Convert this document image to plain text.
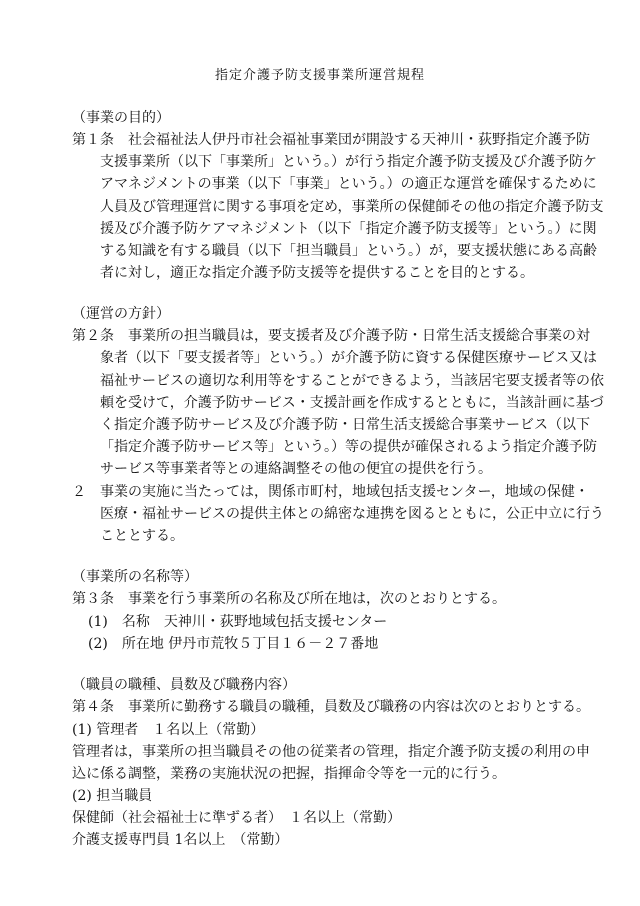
指定介護予防支援事業所運営規程
（事業の目的）
第１条　社会福祉法人伊丹市社会福祉事業団が開設する天神川・荻野指定介護予防
支援事業所（以下「事業所」という。）が行う指定介護予防支援及び介護予防ケ
アマネジメントの事業（以下「事業」という。）の適正な運営を確保するために
人員及び管理運営に関する事項を定め，事業所の保健師その他の指定介護予防支
援及び介護予防ケアマネジメント（以下「指定介護予防支援等」という。）に関
する知識を有する職員（以下「担当職員」という。）が，要支援状態にある高齢
者に対し，適正な指定介護予防支援等を提供することを目的とする。
（運営の方針）
第２条　事業所の担当職員は，要支援者及び介護予防・日常生活支援総合事業の対
象者（以下「要支援者等」という。）が介護予防に資する保健医療サービス又は
福祉サービスの適切な利用等をすることができるよう，当該居宅要支援者等の依
頼を受けて，介護予防サービス・支援計画を作成するとともに，当該計画に基づ
く指定介護予防サービス及び介護予防・日常生活支援総合事業サービス（以下
「指定介護予防サービス等」という。）等の提供が確保されるよう指定介護予防
サービス等事業者等との連絡調整その他の便宜の提供を行う。
２　事業の実施に当たっては，関係市町村，地域包括支援センター，地域の保健・
医療・福祉サービスの提供主体との綿密な連携を図るとともに，公正中立に行う
こととする。
（事業所の名称等）
第３条　事業を行う事業所の名称及び所在地は，次のとおりとする。
(1)　名称　天神川・荻野地域包括支援センター
(2)　所在地 伊丹市荒牧５丁目１６－２７番地
（職員の職種、員数及び職務内容）
第４条　事業所に勤務する職員の職種，員数及び職務の内容は次のとおりとする。
(1) 管理者　１名以上（常勤）
管理者は，事業所の担当職員その他の従業者の管理，指定介護予防支援の利用の申
込に係る調整，業務の実施状況の把握，指揮命令等を一元的に行う。
(2) 担当職員
保健師（社会福祉士に準ずる者）　１名以上（常勤）
介護支援専門員 1名以上　（常勤）
